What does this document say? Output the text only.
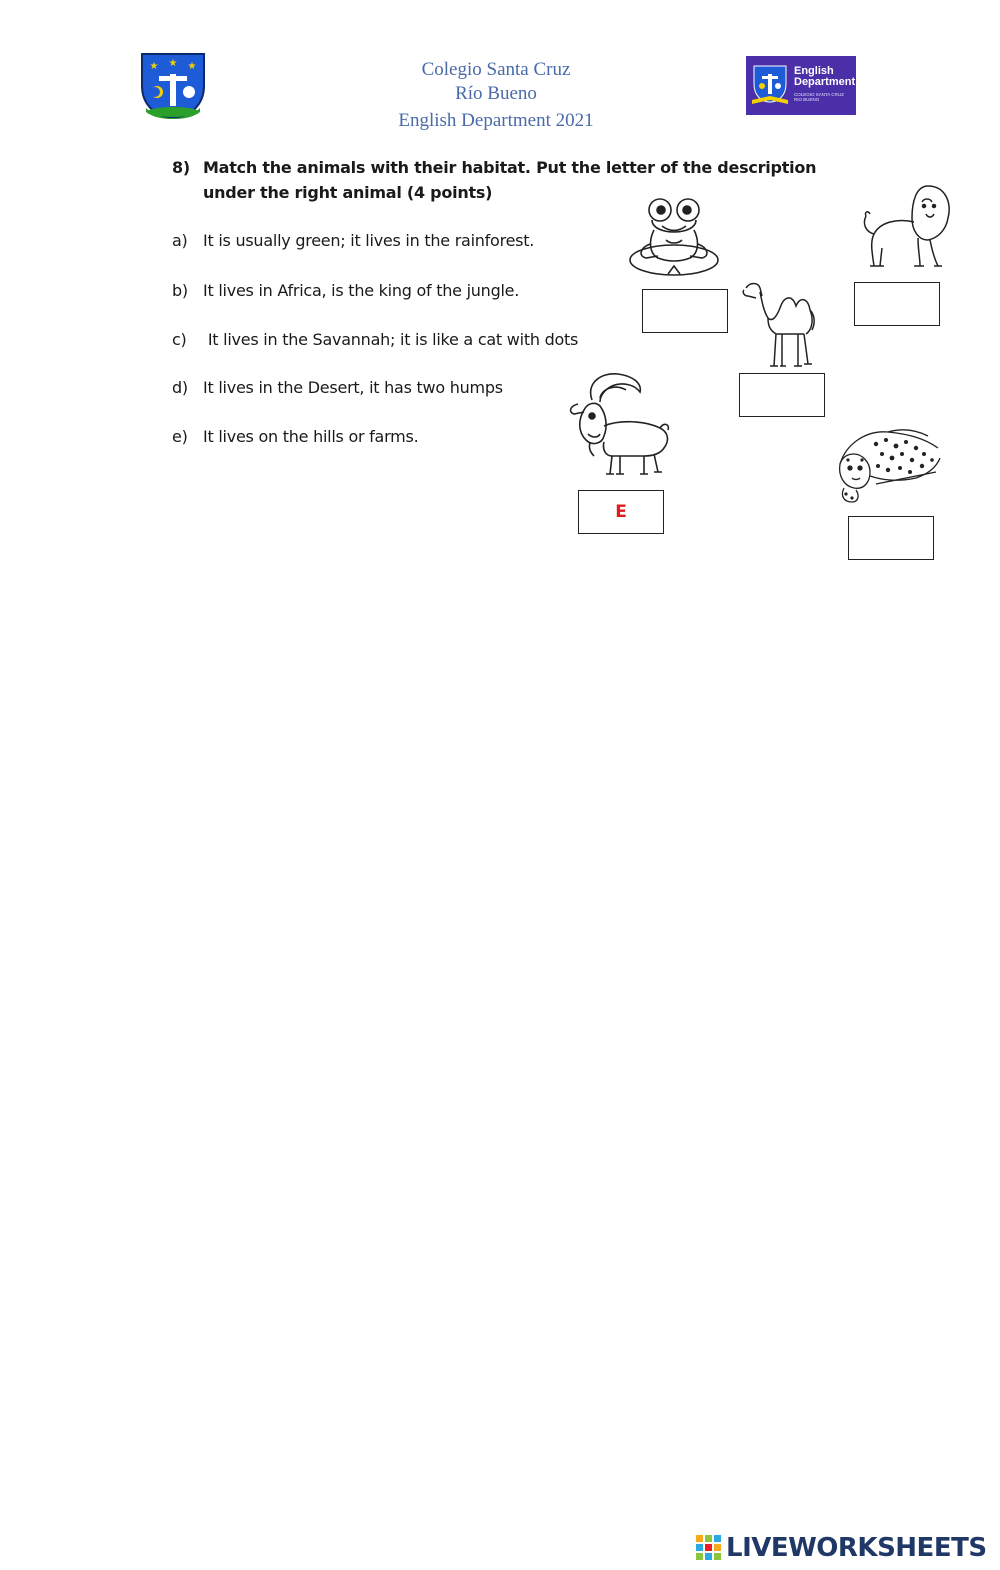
★ ★ ★	Colegio Santa Cruz
Río Bueno
English Department 2021
English
Department
COLEGIO SANTA CRUZ
RIO BUENO
8) Match the animals with their habitat. Put the letter of the description under the right animal (4 points)
a) It is usually green; it lives in the rainforest.
b) It lives in Africa, is the king of the jungle.
c) It lives in the Savannah; it is like a cat with dots
d) It lives in the Desert, it has two humps
e) It lives on the hills or farms.
E
LIVEWORKSHEETS
